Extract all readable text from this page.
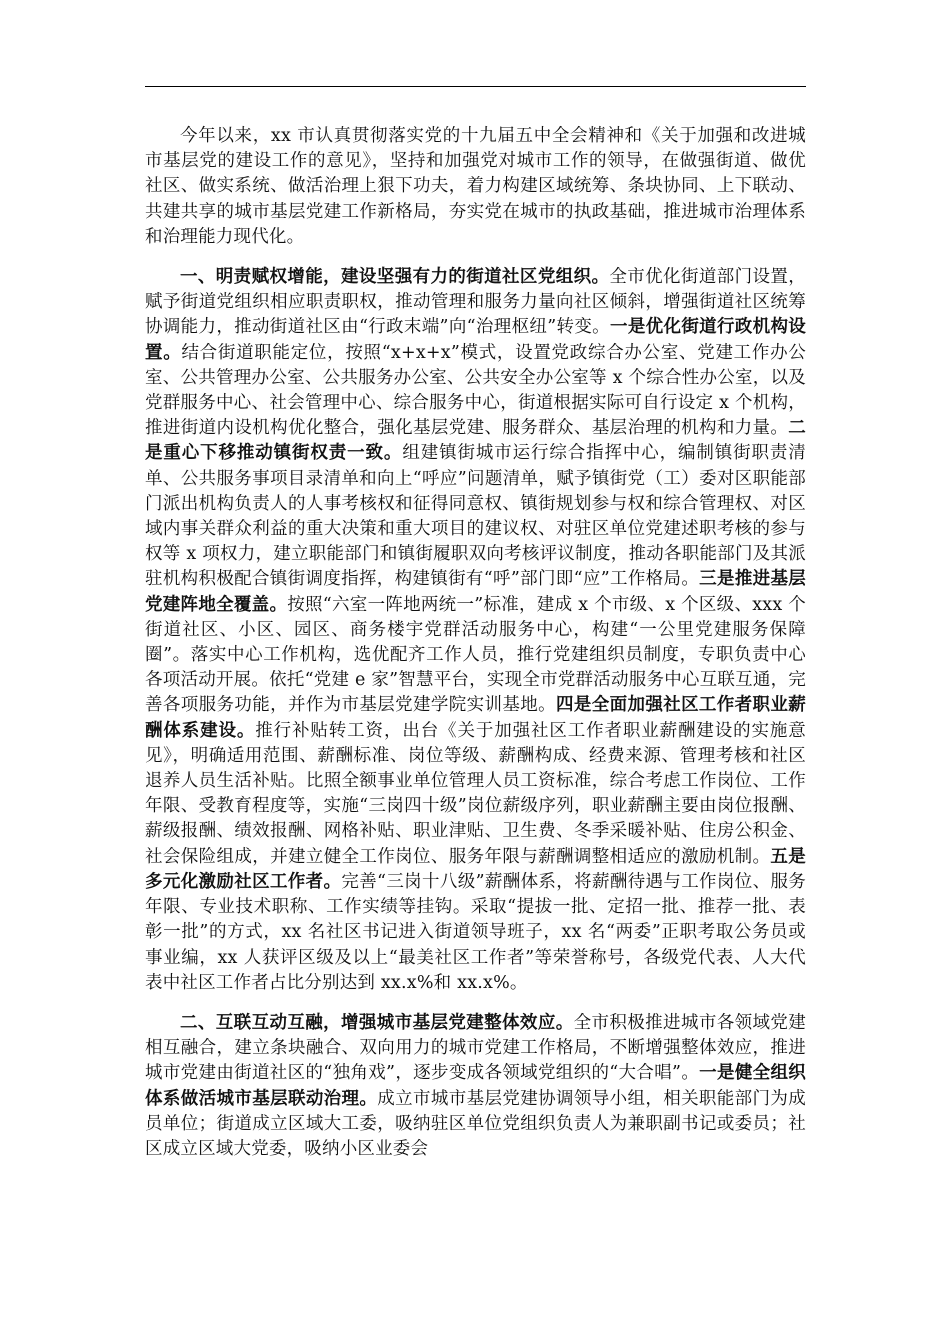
今年以来，xx 市认真贯彻落实党的十九届五中全会精神和《关于加强和改进城市基层党的建设工作的意见》，坚持和加强党对城市工作的领导，在做强街道、做优社区、做实系统、做活治理上狠下功夫，着力构建区域统筹、条块协同、上下联动、共建共享的城市基层党建工作新格局，夯实党在城市的执政基础，推进城市治理体系和治理能力现代化。

一、明责赋权增能，建设坚强有力的街道社区党组织。全市优化街道部门设置，赋予街道党组织相应职责职权，推动管理和服务力量向社区倾斜，增强街道社区统筹协调能力，推动街道社区由“行政末端”向“治理枢纽”转变。一是优化街道行政机构设置。结合街道职能定位，按照“x+x+x”模式，设置党政综合办公室、党建工作办公室、公共管理办公室、公共服务办公室、公共安全办公室等 x 个综合性办公室，以及党群服务中心、社会管理中心、综合服务中心，街道根据实际可自行设定 x 个机构，推进街道内设机构优化整合，强化基层党建、服务群众、基层治理的机构和力量。二是重心下移推动镇街权责一致。组建镇街城市运行综合指挥中心，编制镇街职责清单、公共服务事项目录清单和向上“呼应”问题清单，赋予镇街党（工）委对区职能部门派出机构负责人的人事考核权和征得同意权、镇街规划参与权和综合管理权、对区域内事关群众利益的重大决策和重大项目的建议权、对驻区单位党建述职考核的参与权等 x 项权力，建立职能部门和镇街履职双向考核评议制度，推动各职能部门及其派驻机构积极配合镇街调度指挥，构建镇街有“呼”部门即“应”工作格局。三是推进基层党建阵地全覆盖。按照“六室一阵地两统一”标准，建成 x 个市级、x 个区级、xxx 个街道社区、小区、园区、商务楼宇党群活动服务中心，构建“一公里党建服务保障圈”。落实中心工作机构，选优配齐工作人员，推行党建组织员制度，专职负责中心各项活动开展。依托“党建 e 家”智慧平台，实现全市党群活动服务中心互联互通，完善各项服务功能，并作为市基层党建学院实训基地。四是全面加强社区工作者职业薪酬体系建设。推行补贴转工资，出台《关于加强社区工作者职业薪酬建设的实施意见》，明确适用范围、薪酬标准、岗位等级、薪酬构成、经费来源、管理考核和社区退养人员生活补贴。比照全额事业单位管理人员工资标准，综合考虑工作岗位、工作年限、受教育程度等，实施“三岗四十级”岗位薪级序列，职业薪酬主要由岗位报酬、薪级报酬、绩效报酬、网格补贴、职业津贴、卫生费、冬季采暖补贴、住房公积金、社会保险组成，并建立健全工作岗位、服务年限与薪酬调整相适应的激励机制。五是多元化激励社区工作者。完善“三岗十八级”薪酬体系，将薪酬待遇与工作岗位、服务年限、专业技术职称、工作实绩等挂钩。采取“提拔一批、定招一批、推荐一批、表彰一批”的方式，xx 名社区书记进入街道领导班子，xx 名“两委”正职考取公务员或事业编，xx 人获评区级及以上“最美社区工作者”等荣誉称号，各级党代表、人大代表中社区工作者占比分别达到 xx.x%和 xx.x%。

二、互联互动互融，增强城市基层党建整体效应。全市积极推进城市各领域党建相互融合，建立条块融合、双向用力的城市党建工作格局，不断增强整体效应，推进城市党建由街道社区的“独角戏”，逐步变成各领域党组织的“大合唱”。一是健全组织体系做活城市基层联动治理。成立市城市基层党建协调领导小组，相关职能部门为成员单位；街道成立区域大工委，吸纳驻区单位党组织负责人为兼职副书记或委员；社区成立区域大党委，吸纳小区业委会
